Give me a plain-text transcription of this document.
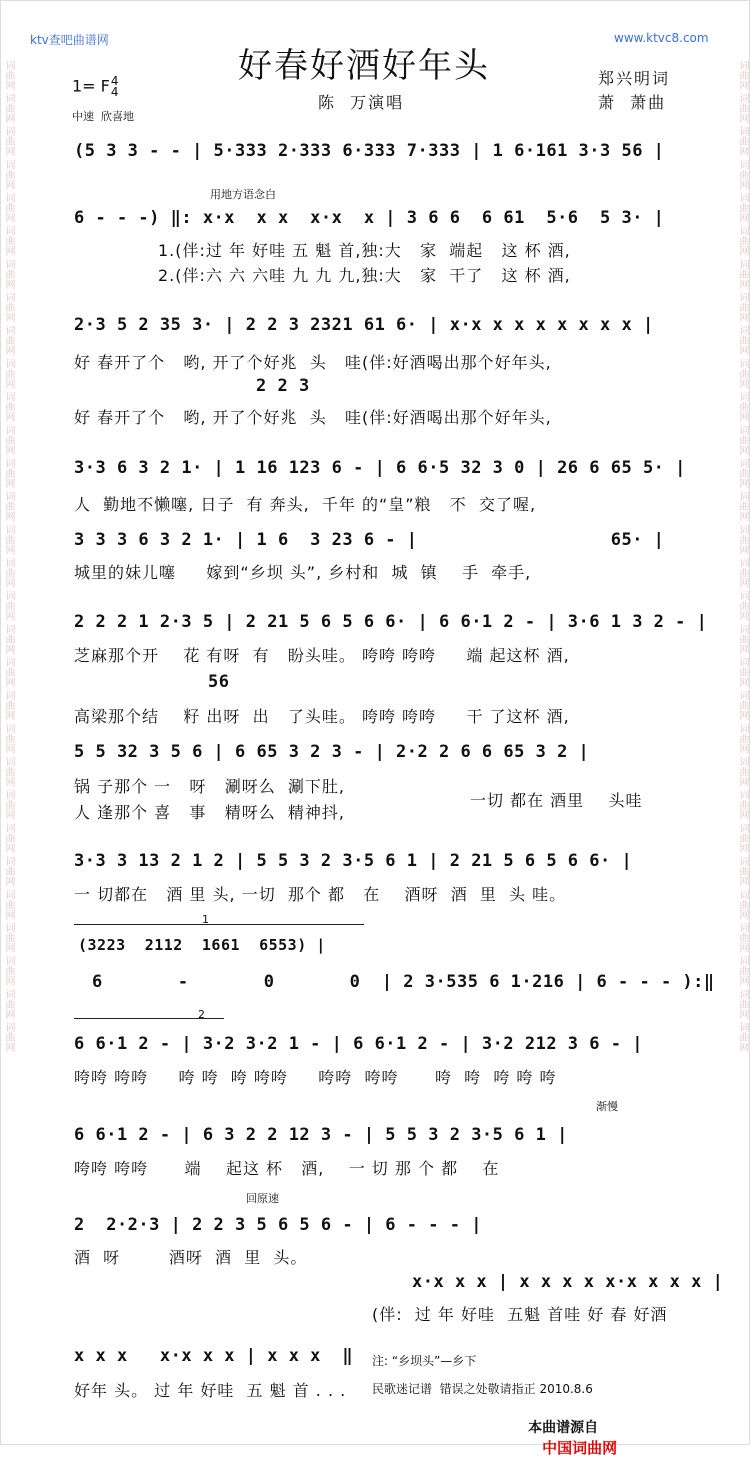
词曲网 词曲网 词曲网 词曲网 词曲网 词曲网 词曲网 词曲网 词曲网 词曲网 词曲网 词曲网 词曲网 词曲网 词曲网 词曲网 词曲网 词曲网 词曲网 词曲网 词曲网 词曲网 词曲网 词曲网 词曲网 词曲网 词曲网 词曲网 词曲网 词曲网	词曲网 词曲网 词曲网 词曲网 词曲网 词曲网 词曲网 词曲网 词曲网 词曲网 词曲网 词曲网 词曲网 词曲网 词曲网 词曲网 词曲网 词曲网 词曲网 词曲网 词曲网 词曲网 词曲网 词曲网 词曲网 词曲网 词曲网 词曲网 词曲网 词曲网
ktv查吧曲谱网	www.ktvc8.com
好春好酒好年头	郑兴明词
陈  万演唱	萧  萧曲
1= F4
4
中速  欣喜地
(5 3 3 - - | 5·333 2·333 6·333 7·333 | 1 6·161 3·3 56 |
用地方语念白
6 - - -) ‖: x·x  x x  x·x  x | 3 6 6  6 61  5·6  5 3· |
1.(伴:过 年 好哇 五 魁 首,独:大   家  端起   这 杯 酒,
2.(伴:六 六 六哇 九 九 九,独:大   家  干了   这 杯 酒,
2·3 5 2 35 3· | 2 2 3 2321 61 6· | x·x x x x x x x x |
好 春开了个   哟, 开了个好兆  头   哇(伴:好酒喝出那个好年头,
2 2 3
好 春开了个   哟, 开了个好兆  头   哇(伴:好酒喝出那个好年头,
3·3 6 3 2 1· | 1 16 123 6 - | 6 6·5 32 3 0 | 26 6 65 5· |
人  勤地不懒噻, 日子  有 奔头,  千年 的“皇”粮   不  交了喔,
3 3 3 6 3 2 1· | 1 6  3 23 6 - |                  65· |
城里的妹儿噻     嫁到“乡坝 头”, 乡村和  城  镇    手  牵手,
2 2 2 1 2·3 5 | 2 21 5 6 5 6 6· | 6 6·1 2 - | 3·6 1 3 2 - |
芝麻那个开    花 有呀  有   盼头哇。 咵咵 咵咵     端 起这杯 酒,
56
高梁那个结    籽 出呀  出   了头哇。 咵咵 咵咵     干 了这杯 酒,
5 5 32 3 5 6 | 6 65 3 2 3 - | 2·2 2 6 6 65 3 2 |
锅 子那个 一   呀   涮呀么  涮下肚,
人 逢那个 喜   事   精呀么  精神抖,
一切 都在 酒里    头哇
3·3 3 13 2 1 2 | 5 5 3 2 3·5 6 1 | 2 21 5 6 5 6 6· |
一 切都在   酒 里 头, 一切  那个 都   在    酒呀  酒  里  头 哇。
1
(3223  2112  1661  6553) |
6       -       0       0  | 2 3·535 6 1·216 | 6 - - - ):‖
2
6 6·1 2 - | 3·2 3·2 1 - | 6 6·1 2 - | 3·2 212 3 6 - |
咵咵 咵咵     咵 咵  咵 咵咵     咵咵  咵咵      咵  咵  咵 咵 咵
渐慢
6 6·1 2 - | 6 3 2 2 12 3 - | 5 5 3 2 3·5 6 1 |
咵咵 咵咵      端    起这 杯   酒,    一 切 那 个 都    在
回原速
2  2·2·3 | 2 2 3 5 6 5 6 - | 6 - - - |
酒  呀        酒呀  酒  里  头。
x·x x x | x x x x x·x x x x |
(伴:  过 年 好哇  五魁 首哇 好 春 好酒
x x x   x·x x x | x x x  ‖
好年 头。 过 年 好哇  五 魁 首 . . .
注: “乡坝头”—乡下
民歌迷记谱  错误之处敬请指正 2010.8.6

本曲谱源自
中国词曲网
